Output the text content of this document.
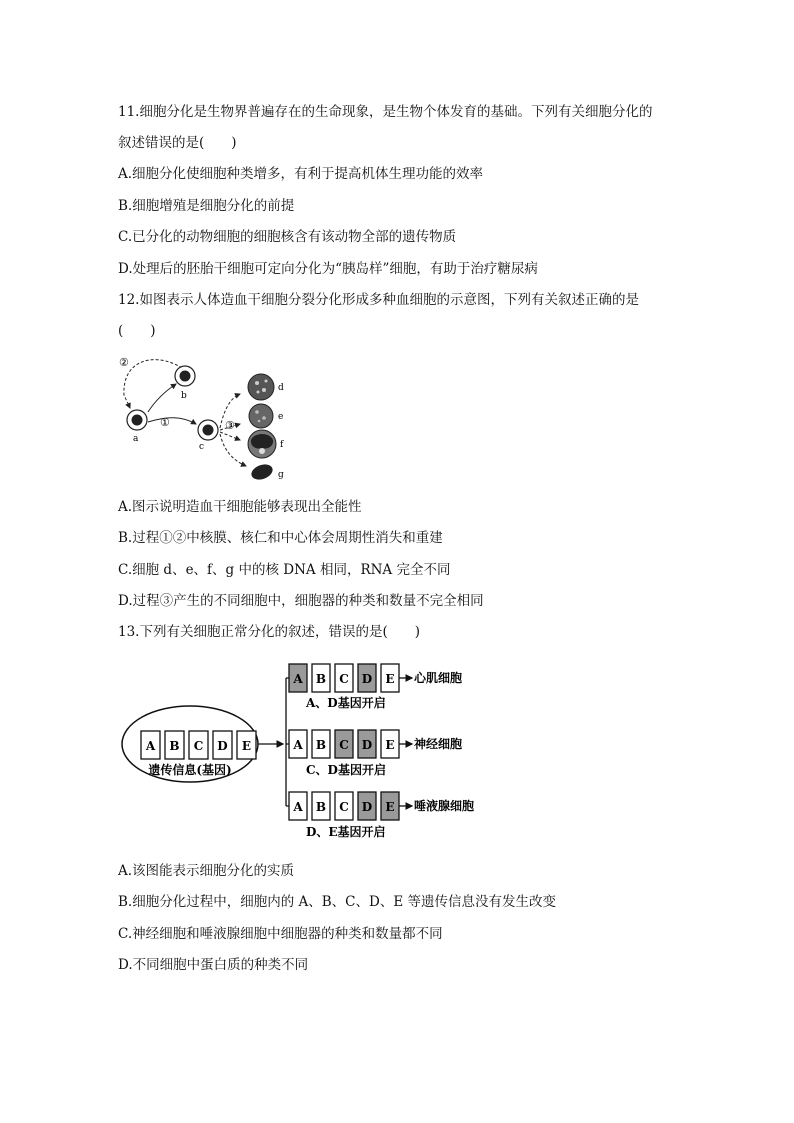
11.细胞分化是生物界普遍存在的生命现象，是生物个体发育的基础。下列有关细胞分化的
叙述错误的是(　　)
A.细胞分化使细胞种类增多，有利于提高机体生理功能的效率
B.细胞增殖是细胞分化的前提
C.已分化的动物细胞的细胞核含有该动物全部的遗传物质
D.处理后的胚胎干细胞可定向分化为“胰岛样”细胞，有助于治疗糖尿病
12.如图表示人体造血干细胞分裂分化形成多种血细胞的示意图，下列有关叙述正确的是
(　　)
②
b
a
①
c
③
d
e
f
g
A.图示说明造血干细胞能够表现出全能性
B.过程①②中核膜、核仁和中心体会周期性消失和重建
C.细胞 d、e、f、g 中的核 DNA 相同，RNA 完全不同
D.过程③产生的不同细胞中，细胞器的种类和数量不完全相同
13.下列有关细胞正常分化的叙述，错误的是(　　)
A B C D E
遗传信息(基因)
A B C D E
A B C D E
A B C D E
心肌细胞
A、D基因开启
神经细胞
C、D基因开启
唾液腺细胞
D、E基因开启
A.该图能表示细胞分化的实质
B.细胞分化过程中，细胞内的 A、B、C、D、E 等遗传信息没有发生改变
C.神经细胞和唾液腺细胞中细胞器的种类和数量都不同
D.不同细胞中蛋白质的种类不同
